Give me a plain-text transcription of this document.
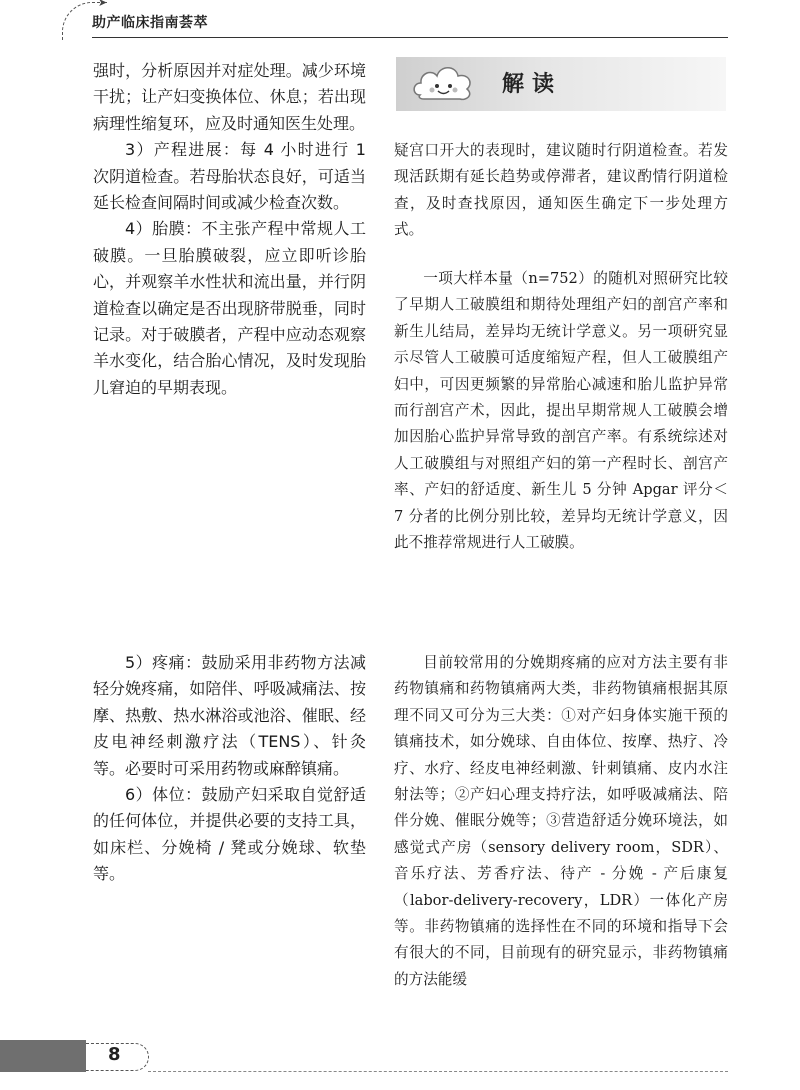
➤
助产临床指南荟萃

强时，分析原因并对症处理。减少环境干扰；让产妇变换体位、休息；若出现病理性缩复环，应及时通知医生处理。

3）产程进展：每 4 小时进行 1 次阴道检查。若母胎状态良好，可适当延长检查间隔时间或减少检查次数。

4）胎膜：不主张产程中常规人工破膜。一旦胎膜破裂，应立即听诊胎心，并观察羊水性状和流出量，并行阴道检查以确定是否出现脐带脱垂，同时记录。对于破膜者，产程中应动态观察羊水变化，结合胎心情况，及时发现胎儿窘迫的早期表现。

5）疼痛：鼓励采用非药物方法减轻分娩疼痛，如陪伴、呼吸减痛法、按摩、热敷、热水淋浴或池浴、催眠、经皮电神经刺激疗法（TENS）、针灸等。必要时可采用药物或麻醉镇痛。

6）体位：鼓励产妇采取自觉舒适的任何体位，并提供必要的支持工具，如床栏、分娩椅 / 凳或分娩球、软垫等。

解读

疑宫口开大的表现时，建议随时行阴道检查。若发现活跃期有延长趋势或停滞者，建议酌情行阴道检查，及时查找原因，通知医生确定下一步处理方式。

一项大样本量（n=752）的随机对照研究比较了早期人工破膜组和期待处理组产妇的剖宫产率和新生儿结局，差异均无统计学意义。另一项研究显示尽管人工破膜可适度缩短产程，但人工破膜组产妇中，可因更频繁的异常胎心减速和胎儿监护异常而行剖宫产术，因此，提出早期常规人工破膜会增加因胎心监护异常导致的剖宫产率。有系统综述对人工破膜组与对照组产妇的第一产程时长、剖宫产率、产妇的舒适度、新生儿 5 分钟 Apgar 评分＜ 7 分者的比例分别比较，差异均无统计学意义，因此不推荐常规进行人工破膜。

目前较常用的分娩期疼痛的应对方法主要有非药物镇痛和药物镇痛两大类，非药物镇痛根据其原理不同又可分为三大类：①对产妇身体实施干预的镇痛技术，如分娩球、自由体位、按摩、热疗、冷疗、水疗、经皮电神经刺激、针刺镇痛、皮内水注射法等；②产妇心理支持疗法，如呼吸减痛法、陪伴分娩、催眠分娩等；③营造舒适分娩环境法，如感觉式产房（sensory delivery room，SDR）、音乐疗法、芳香疗法、待产 - 分娩 - 产后康复（labor-delivery-recovery，LDR）一体化产房等。非药物镇痛的选择性在不同的环境和指导下会有很大的不同，目前现有的研究显示，非药物镇痛的方法能缓

8
